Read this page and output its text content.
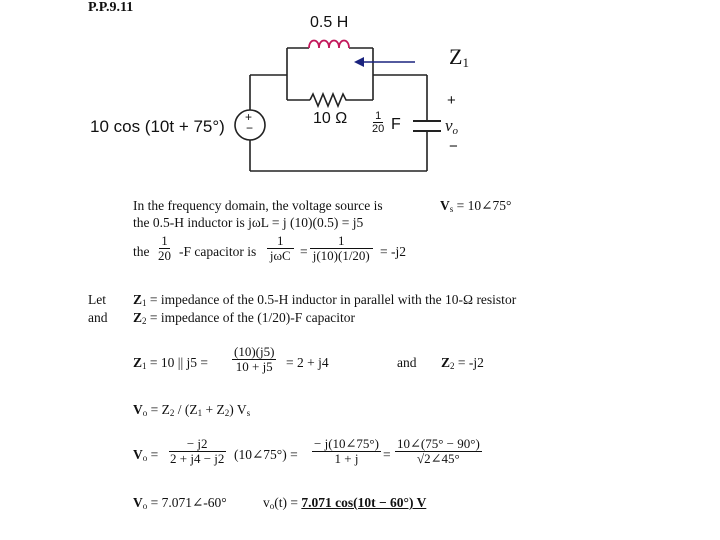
P.P.9.11
0.5 H
10 Ω
Z1
10 cos (10t + 75°) +
−	$\frac{1}{20}$ F
+
vo
−
In the frequency domain, the voltage source is	$V_s$ = 10∠75°
the 0.5-H inductor is jωL = j (10)(0.5) = j5
the $\frac{1}{20} -F$ capacitor is
1
$j\omega C = \frac{1}{j(10)(1/20)} = -j2$
Let
and
$Z_1$ = impedance of the 0.5-H inductor in parallel with the 10-Ω resistor
$Z_2$ = impedance of the (1/20)-F capacitor
$Z_1 = 10$ || $j5 = \frac{(10)(j5)}{10 + j5} = 2 + j4$	and $Z_2 = -j2$
$V_o = Z_2 / (Z_1 + Z_2)$ $V_s$
$V_o = \frac{- j2}{2 + j4 - j2}$ (10∠75°) = $\frac{- j(10\angle 75^\circ)}{1 + j} = \frac{10\angle(75^\circ - 90^\circ)}{√2\angle 45^\circ}$
$V_o$ = 7.071∠-60°	$v_o(t) = 7.071$ cos(10t − 60°) V
